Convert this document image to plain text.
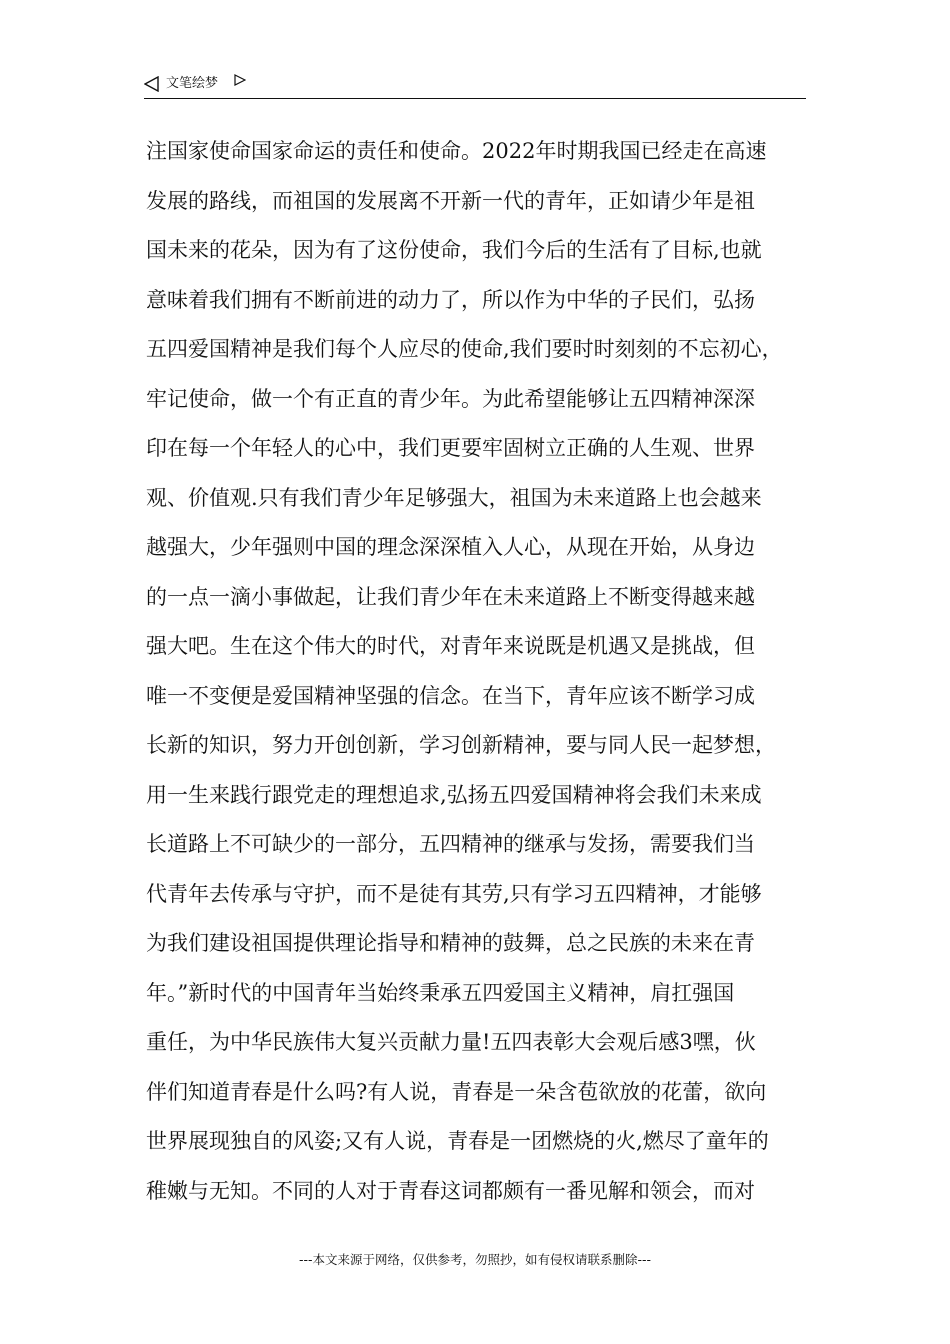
文笔绘梦
注国家使命国家命运的责任和使命。2022年时期我国已经走在高速
发展的路线，而祖国的发展离不开新一代的青年，正如请少年是祖
国未来的花朵，因为有了这份使命，我们今后的生活有了目标,也就
意味着我们拥有不断前进的动力了，所以作为中华的子民们，弘扬
五四爱国精神是我们每个人应尽的使命,我们要时时刻刻的不忘初心，
牢记使命，做一个有正直的青少年。为此希望能够让五四精神深深
印在每一个年轻人的心中，我们更要牢固树立正确的人生观、世界
观、价值观.只有我们青少年足够强大，祖国为未来道路上也会越来
越强大，少年强则中国的理念深深植入人心，从现在开始，从身边
的一点一滴小事做起，让我们青少年在未来道路上不断变得越来越
强大吧。生在这个伟大的时代，对青年来说既是机遇又是挑战，但
唯一不变便是爱国精神坚强的信念。在当下，青年应该不断学习成
长新的知识，努力开创创新，学习创新精神，要与同人民一起梦想，
用一生来践行跟党走的理想追求,弘扬五四爱国精神将会我们未来成
长道路上不可缺少的一部分，五四精神的继承与发扬，需要我们当
代青年去传承与守护，而不是徒有其劳,只有学习五四精神，才能够
为我们建设祖国提供理论指导和精神的鼓舞，总之民族的未来在青
年。”新时代的中国青年当始终秉承五四爱国主义精神，肩扛强国
重任，为中华民族伟大复兴贡献力量!五四表彰大会观后感3嘿，伙
伴们知道青春是什么吗?有人说，青春是一朵含苞欲放的花蕾，欲向
世界展现独自的风姿;又有人说，青春是一团燃烧的火,燃尽了童年的
稚嫩与无知。不同的人对于青春这词都颇有一番见解和领会，而对
---本文来源于网络，仅供参考，勿照抄，如有侵权请联系删除---
